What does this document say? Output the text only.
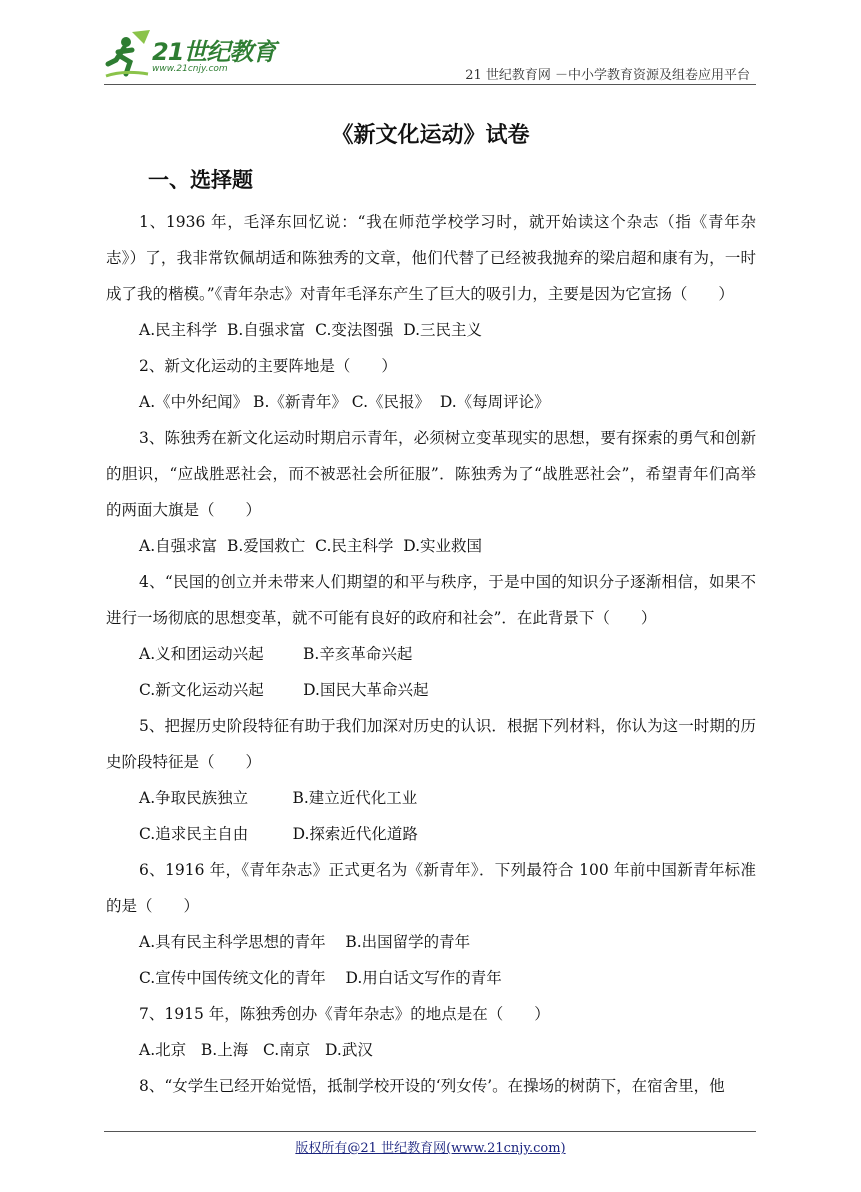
21世纪教育
www.21cnjy.com	21 世纪教育网 －中小学教育资源及组卷应用平台
《新文化运动》试卷
一、选择题

1、1936 年，毛泽东回忆说：“我在师范学校学习时，就开始读这个杂志（指《青年杂志》）了，我非常钦佩胡适和陈独秀的文章，他们代替了已经被我抛弃的梁启超和康有为，一时成了我的楷模。”《青年杂志》对青年毛泽东产生了巨大的吸引力，主要是因为它宣扬（　　）

A.民主科学  B.自强求富  C.变法图强  D.三民主义

2、新文化运动的主要阵地是（　　）

A.《中外纪闻》 B.《新青年》 C.《民报》  D.《每周评论》

3、陈独秀在新文化运动时期启示青年，必须树立变革现实的思想，要有探索的勇气和创新的胆识，“应战胜恶社会，而不被恶社会所征服”．陈独秀为了“战胜恶社会”，希望青年们高举的两面大旗是（　　）

A.自强求富  B.爱国救亡  C.民主科学  D.实业救国

4、“民国的创立并未带来人们期望的和平与秩序，于是中国的知识分子逐渐相信，如果不进行一场彻底的思想变革，就不可能有良好的政府和社会”．在此背景下（　　）

A.义和团运动兴起        B.辛亥革命兴起

C.新文化运动兴起        D.国民大革命兴起

5、把握历史阶段特征有助于我们加深对历史的认识．根据下列材料，你认为这一时期的历史阶段特征是（　　）

A.争取民族独立         B.建立近代化工业

C.追求民主自由         D.探索近代化道路

6、1916 年，《青年杂志》正式更名为《新青年》．下列最符合 100 年前中国新青年标准的是（　　）

A.具有民主科学思想的青年    B.出国留学的青年

C.宣传中国传统文化的青年    D.用白话文写作的青年

7、1915 年，陈独秀创办《青年杂志》的地点是在（　　）

A.北京   B.上海   C.南京   D.武汉

8、“女学生已经开始觉悟，抵制学校开设的‘列女传’。在操场的树荫下，在宿舍里，他

版权所有@21 世纪教育网(www.21cnjy.com)
